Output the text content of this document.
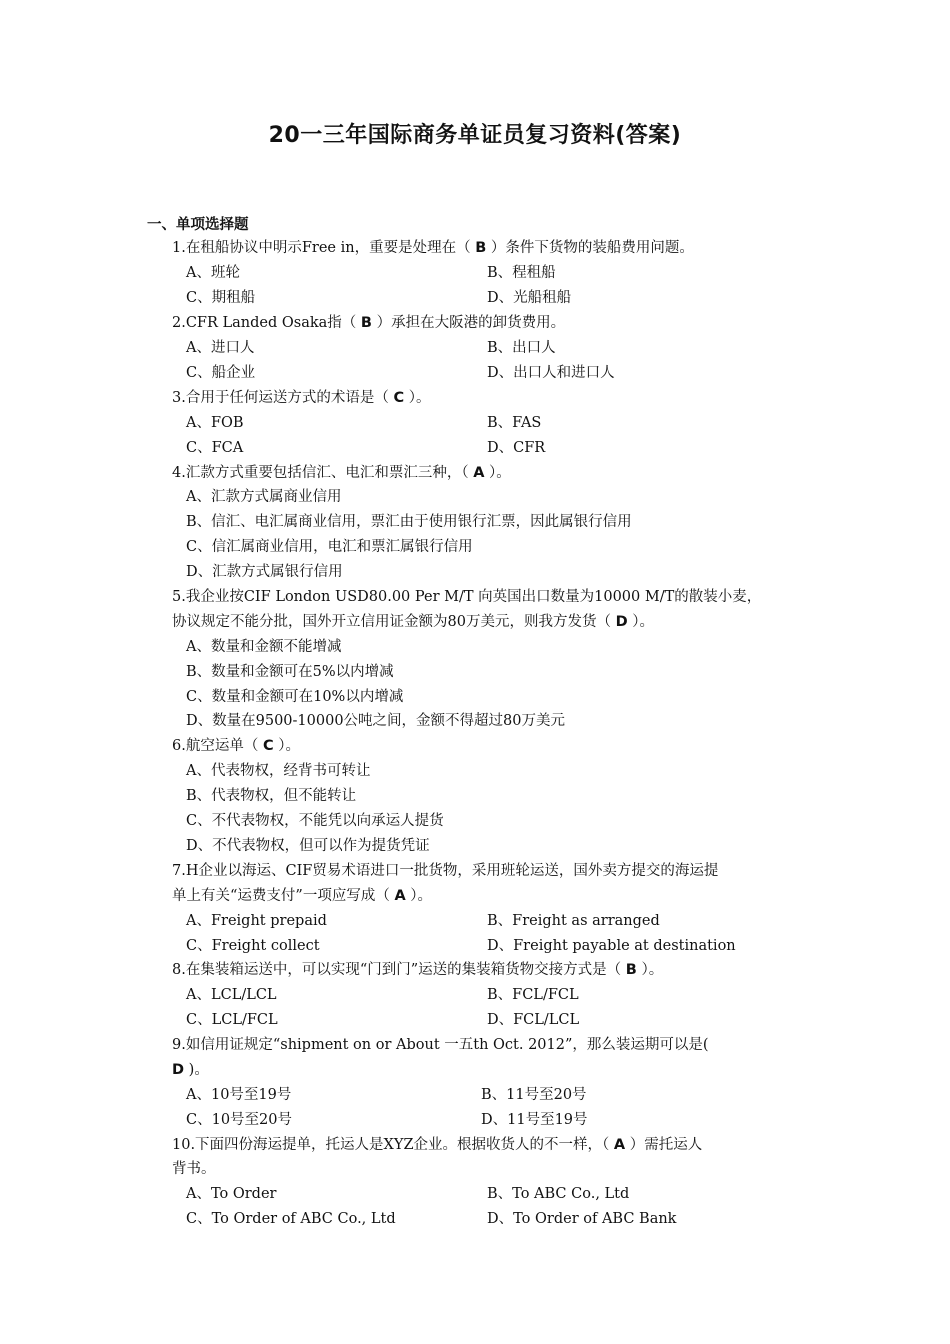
20一三年国际商务单证员复习资料(答案)
一、单项选择题
1.在租船协议中明示Free in，重要是处理在（ B ）条件下货物的装船费用问题。
A、班轮	B、程租船
C、期租船	D、光船租船
2.CFR Landed Osaka指（ B ）承担在大阪港的卸货费用。
A、进口人	B、出口人
C、船企业	D、出口人和进口人
3.合用于任何运送方式的术语是（ C ）。
A、FOB	B、FAS
C、FCA	D、CFR
4.汇款方式重要包括信汇、电汇和票汇三种，（ A ）。
A、汇款方式属商业信用
B、信汇、电汇属商业信用，票汇由于使用银行汇票，因此属银行信用
C、信汇属商业信用，电汇和票汇属银行信用
D、汇款方式属银行信用
5.我企业按CIF London USD80.00 Per M/T 向英国出口数量为10000 M/T的散装小麦，
协议规定不能分批，国外开立信用证金额为80万美元，则我方发货（ D ）。
A、数量和金额不能增减
B、数量和金额可在5%以内增减
C、数量和金额可在10%以内增减
D、数量在9500-10000公吨之间，金额不得超过80万美元
6.航空运单（ C ）。
A、代表物权，经背书可转让
B、代表物权，但不能转让
C、不代表物权，不能凭以向承运人提货
D、不代表物权，但可以作为提货凭证
7.H企业以海运、CIF贸易术语进口一批货物，采用班轮运送，国外卖方提交的海运提
单上有关“运费支付”一项应写成（ A ）。
A、Freight prepaid	B、Freight as arranged
C、Freight collect	D、Freight payable at destination
8.在集装箱运送中，可以实现“门到门”运送的集装箱货物交接方式是（ B ）。
A、LCL/LCL	B、FCL/FCL
C、LCL/FCL	D、FCL/LCL
9.如信用证规定“shipment on or About 一五th Oct. 2012”，那么装运期可以是(
D )。
A、10号至19号	B、11号至20号
C、10号至20号	D、11号至19号
10.下面四份海运提单，托运人是XYZ企业。根据收货人的不一样，（ A ）需托运人
背书。
A、To Order	B、To ABC Co., Ltd
C、To Order of ABC Co., Ltd	D、To Order of ABC Bank
